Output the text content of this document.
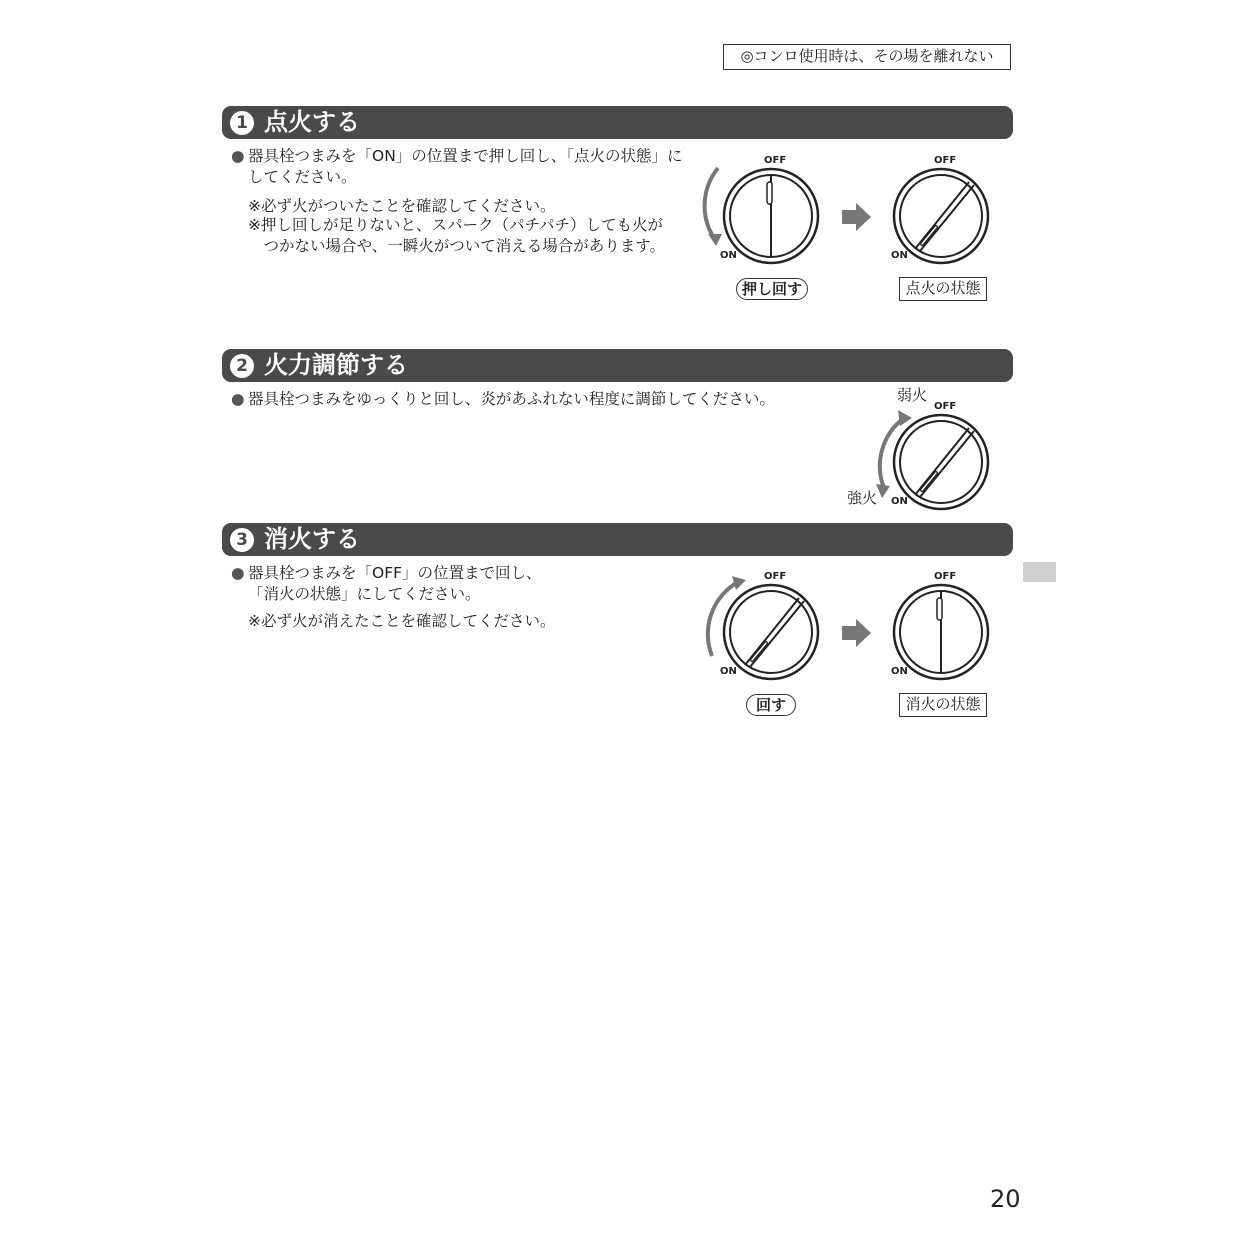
◎コンロ使用時は、その場を離れない
1 点火する
● 器具栓つまみを「ON」の位置まで押し回し、「点火の状態」に
してください。
※必ず火がついたことを確認してください。
※押し回しが足りないと、スパーク（パチパチ）しても火が
　つかない場合や、一瞬火がついて消える場合があります。
OFF
ON
OFF
ON
押し回す	点火の状態
2 火力調節する
● 器具栓つまみをゆっくりと回し、炎があふれない程度に調節してください。	OFF
ON
弱火
強火
3 消火する
● 器具栓つまみを「OFF」の位置まで回し、
「消火の状態」にしてください。
※必ず火が消えたことを確認してください。
OFF
ON
OFF
ON
回す	消火の状態
20
